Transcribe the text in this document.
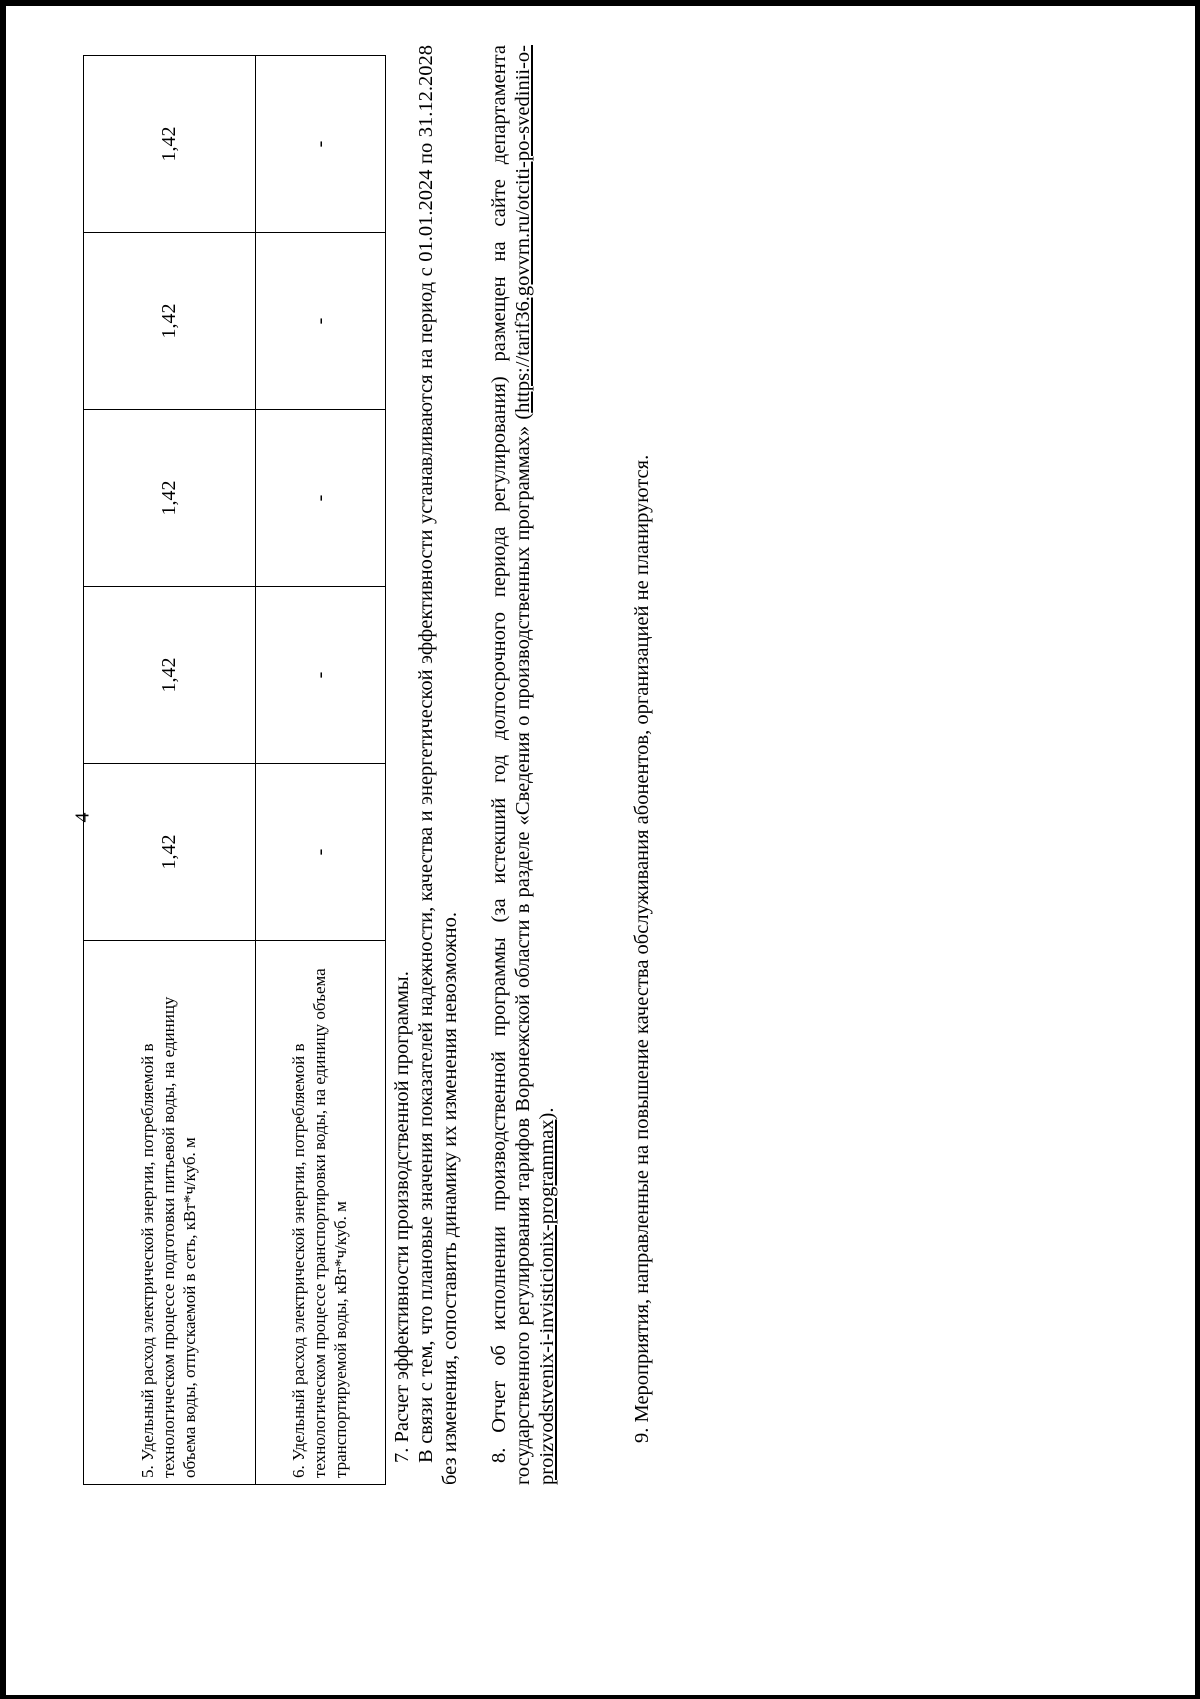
4
5. Удельный расход электрической энергии, потребляемой в технологическом процессе подготовки питьевой воды, на единицу объема воды, отпускаемой в сеть, кВт*ч/куб. м	1,42	1,42	1,42	1,42	1,42
6. Удельный расход электрической энергии, потребляемой в технологическом процессе транспортировки воды, на единицу объема транспортируемой воды, кВт*ч/куб. м	-	-	-	-	-

7. Расчет эффективности производственной программы. В связи с тем, что плановые значения показателей надежности, качества и энергетической эффективности устанавливаются на период с 01.01.2024 по 31.12.2028 без изменения, сопоставить динамику их изменения невозможно. 8. Отчет об исполнении производственной программы (за истекший год долгосрочного периода регулирования) размещен на сайте департамента государственного регулирования тарифов Воронежской области в разделе «Сведения о производственных программах» (https://tarif36.govvrn.ru/otciti-po-svedinii-o-proizvodstvenix-i-invisticionix-programmax).	9. Мероприятия, направленные на повышение качества обслуживания абонентов, организацией не планируются.
